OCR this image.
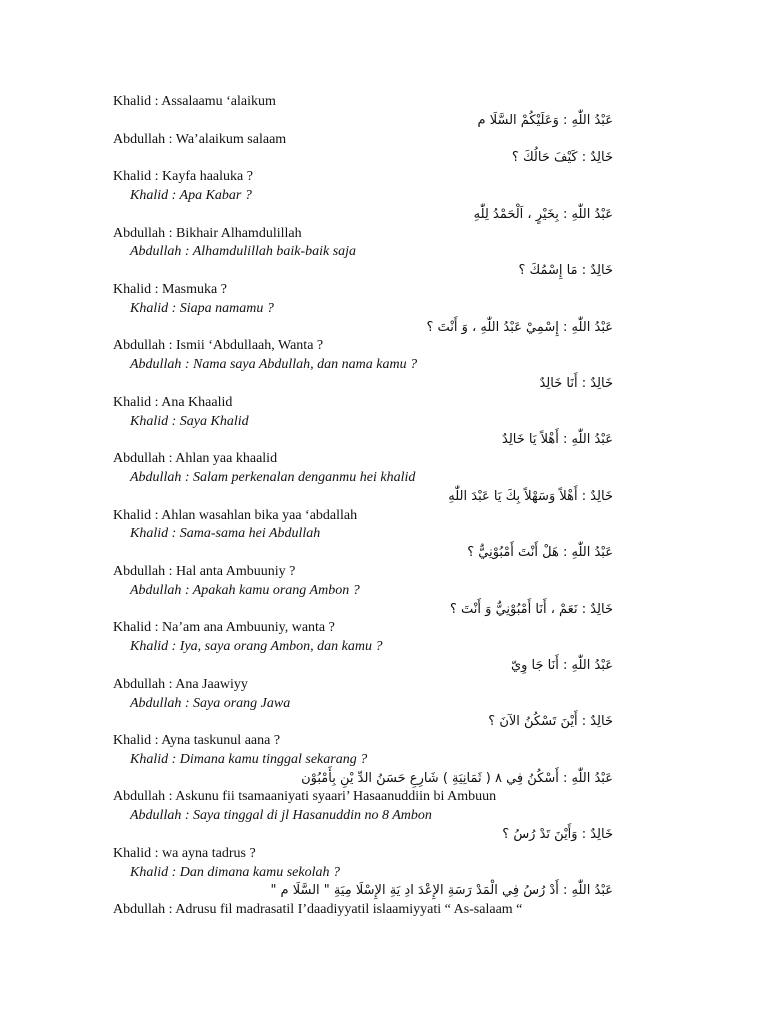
Khalid : Assalaamu ‘alaikum
عَبْدُ اللّٰهِ : وَعَلَيْكُمْ السَّلَا م
Abdullah : Wa’alaikum salaam
خَالِدٌ : كَيْفَ حَالُكَ ؟
Khalid : Kayfa haaluka ?
Khalid : Apa Kabar ?
عَبْدُ اللّٰهِ : بِخَيْرٍ ، اَلْحَمْدُ لِلّٰهِ
Abdullah : Bikhair Alhamdulillah
Abdullah : Alhamdulillah baik-baik saja
خَالِدٌ : مَا إِسْمُكَ ؟
Khalid : Masmuka ?
Khalid : Siapa namamu ?
عَبْدُ اللّٰهِ : إِسْمِيْ عَبْدُ اللّٰهِ ، وَ أَنْتَ ؟
Abdullah : Ismii ‘Abdullaah, Wanta ?
Abdullah : Nama saya Abdullah, dan nama kamu ?
خَالِدٌ : أَنَا خَالِدٌ
Khalid : Ana Khaalid
Khalid : Saya Khalid
عَبْدُ اللّٰهِ : أَهْلاً يَا خَالِدٌ
Abdullah : Ahlan yaa khaalid
Abdullah : Salam perkenalan denganmu hei khalid
خَالِدٌ : أَهْلاً وَسَهْلاً بِكَ يَا عَبْدَ اللّٰهِ
Khalid : Ahlan wasahlan bika yaa ‘abdallah
Khalid : Sama-sama hei Abdullah
عَبْدُ اللّٰهِ : هَلْ أَنْتَ أَمْبُوْنِيٌّ ؟
Abdullah : Hal anta Ambuuniy ?
Abdullah : Apakah kamu orang Ambon ?
خَالِدٌ : نَعَمْ ، أَنَا أَمْبُوْنِيٌّ وَ أَنْتَ ؟
Khalid : Na’am ana Ambuuniy, wanta ?
Khalid : Iya, saya orang Ambon, dan kamu ?
عَبْدُ اللّٰهِ : أَنَا جَا وِيّ
Abdullah : Ana Jaawiyy
Abdullah : Saya orang Jawa
خَالِدٌ : أَيْنَ تَسْكُنُ الآنَ ؟
Khalid : Ayna taskunul aana ?
Khalid : Dimana kamu tinggal sekarang ?
عَبْدُ اللّٰهِ : أَسْكُنُ فِي ٨ ( ثَمَانِيَةِ ) شَارِعِ حَسَنُ الدِّ يْنِ بِأَمْبُوْن
Abdullah : Askunu fii tsamaaniyati syaari’ Hasaanuddiin bi Ambuun
Abdullah : Saya tinggal di jl Hasanuddin no 8 Ambon
خَالِدٌ : وَأَيْنَ تَدْ رُسُ ؟
Khalid : wa ayna tadrus ?
Khalid : Dan dimana kamu sekolah ?
عَبْدُ اللّٰهِ : أَدْ رُسُ فِي الْمَدْ رَسَةِ الإِعْدَ ادِ يَةِ الإِسْلَا مِيَةِ " السَّلَا م "
Abdullah : Adrusu fil madrasatil I’daadiyyatil islaamiyyati “ As-salaam “
